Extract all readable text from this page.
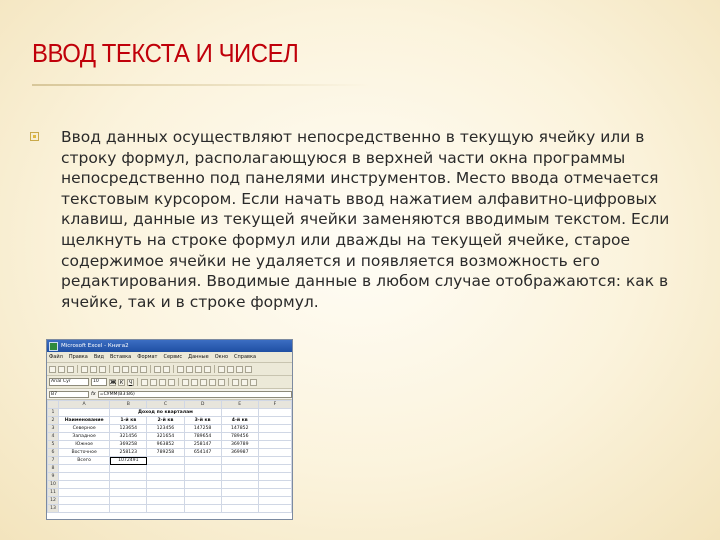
ВВОД ТЕКСТА И ЧИСЕЛ
Ввод данных осуществляют непосредственно в текущую ячейку или в строку формул, располагающуюся в верхней части окна программы непосредственно под панелями инструментов. Место ввода отмечается текстовым курсором. Если начать ввод нажатием алфавитно-цифровых клавиш, данные из текущей ячейки заменяются вводимым текстом. Если щелкнуть на строке формул или дважды на текущей ячейке, старое содержимое ячейки не удаляется и появляется возможность его редактирования. Вводимые данные в любом случае отображаются: как в ячейке, так и в строке формул.
Microsoft Excel - Книга2
Файл Правка Вид Вставка Формат Сервис Данные Окно Справка
Arial Cyr	10	Ж К	Ч
B7	fx =СУММ(B3:B6)
	A	B	C	D	E	F
1		Доход по кварталам				
2	Наименование	1-й кв	2-й кв	3-й кв	4-й кв	
3	Северное	123654	123456	147258	147852	
4	Западное	321456	321654	789654	789456	
5	Южное	369258	963852	258147	369789	
6	Восточное	258123	789258	654147	369987	
7	Всего	1072491				
8						
9						
10						
11						
12						
13						
